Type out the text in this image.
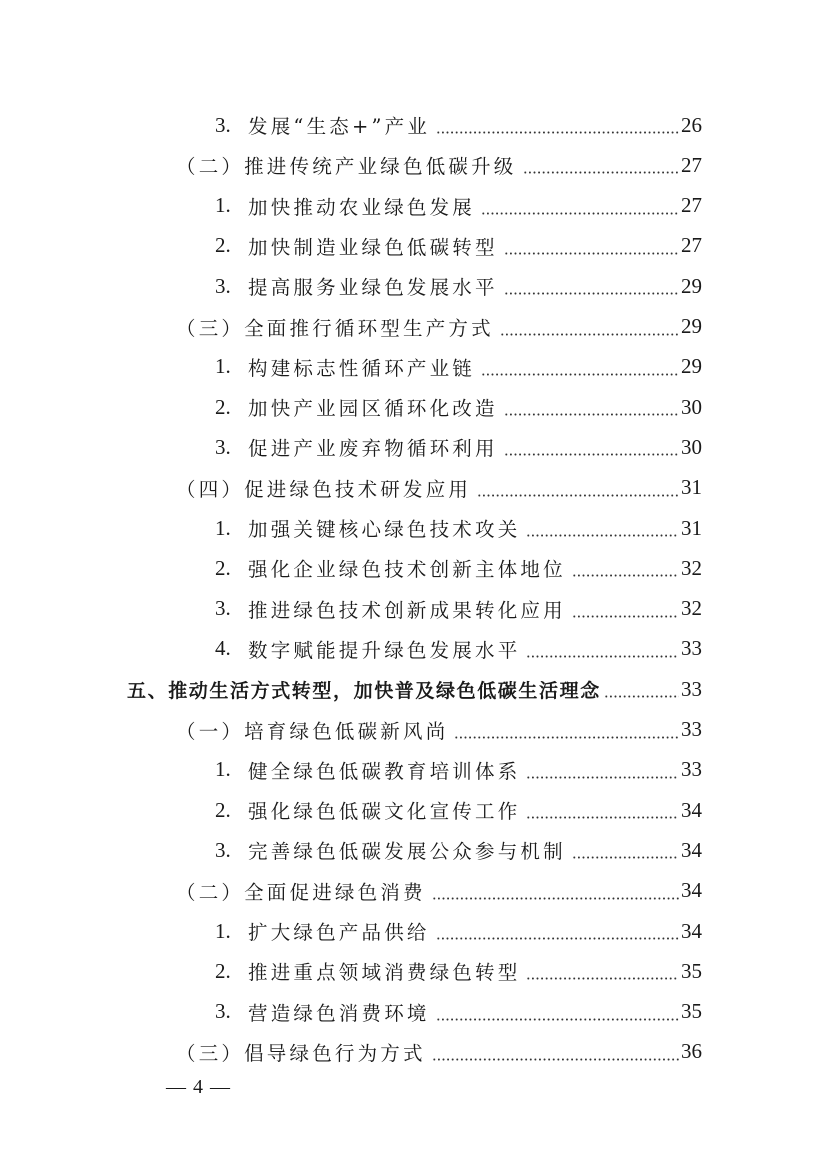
3. 发展“生态+”产业	26
（二）推进传统产业绿色低碳升级	27
1. 加快推动农业绿色发展	27
2. 加快制造业绿色低碳转型	27
3. 提高服务业绿色发展水平	29
（三）全面推行循环型生产方式	29
1. 构建标志性循环产业链	29
2. 加快产业园区循环化改造	30
3. 促进产业废弃物循环利用	30
（四）促进绿色技术研发应用	31
1. 加强关键核心绿色技术攻关	31
2. 强化企业绿色技术创新主体地位	32
3. 推进绿色技术创新成果转化应用	32
4. 数字赋能提升绿色发展水平	33
五、推动生活方式转型，加快普及绿色低碳生活理念	33
（一）培育绿色低碳新风尚	33
1. 健全绿色低碳教育培训体系	33
2. 强化绿色低碳文化宣传工作	34
3. 完善绿色低碳发展公众参与机制	34
（二）全面促进绿色消费	34
1. 扩大绿色产品供给	34
2. 推进重点领域消费绿色转型	35
3. 营造绿色消费环境	35
（三）倡导绿色行为方式	36
— 4 —
